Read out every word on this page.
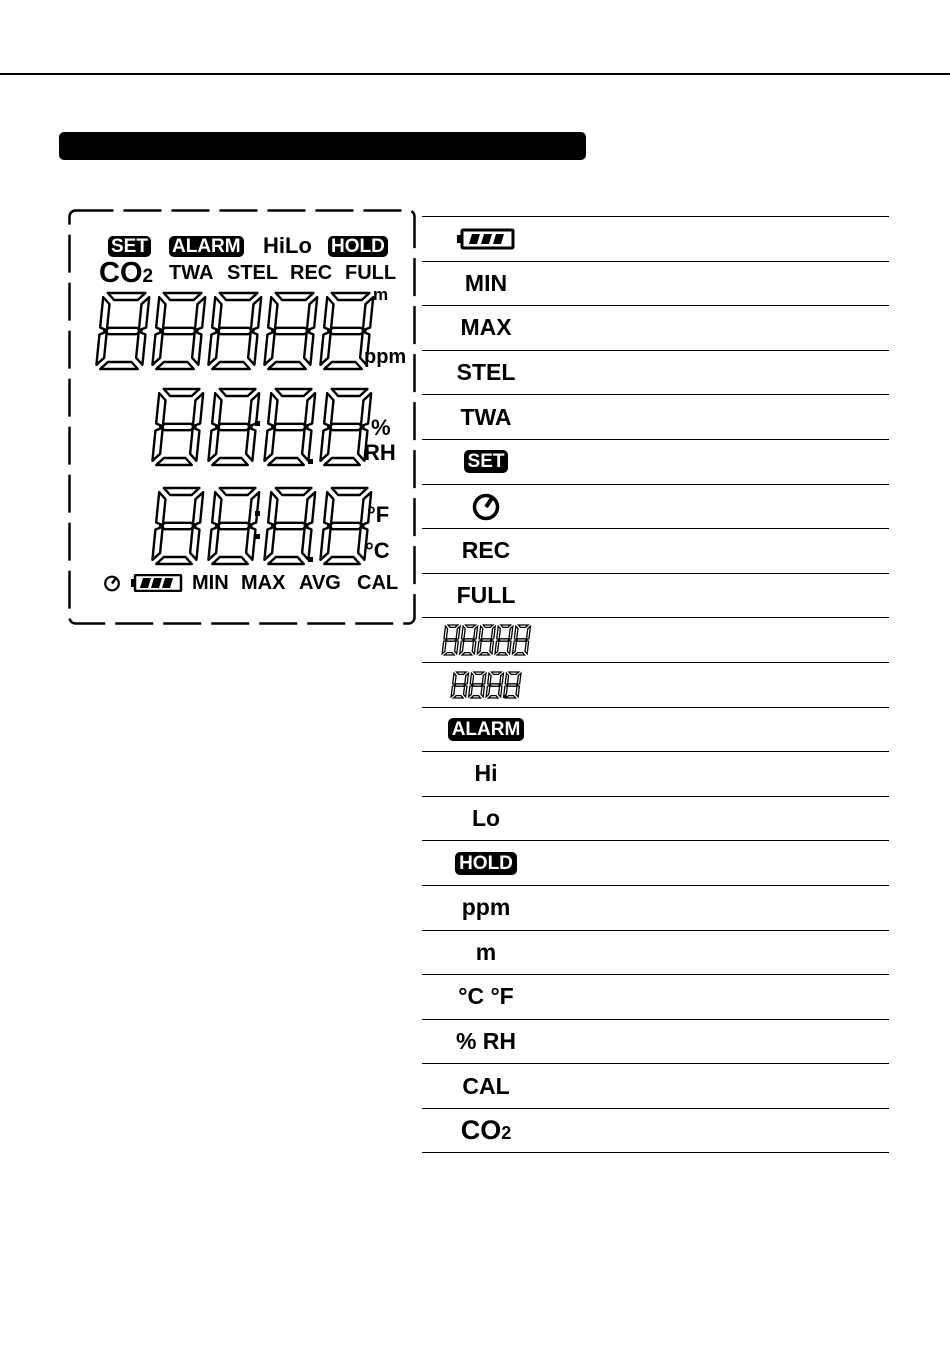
SET ALARM HiLo HOLD
CO2 TWA STEL REC FULL
m
ppm
%
RH
°F
°C
MIN MAX AVG CAL
MIN
MAX
STEL
TWA
SET
REC
FULL
ALARM
Hi
Lo
HOLD
ppm
m
°C °F
% RH
CAL
CO2
